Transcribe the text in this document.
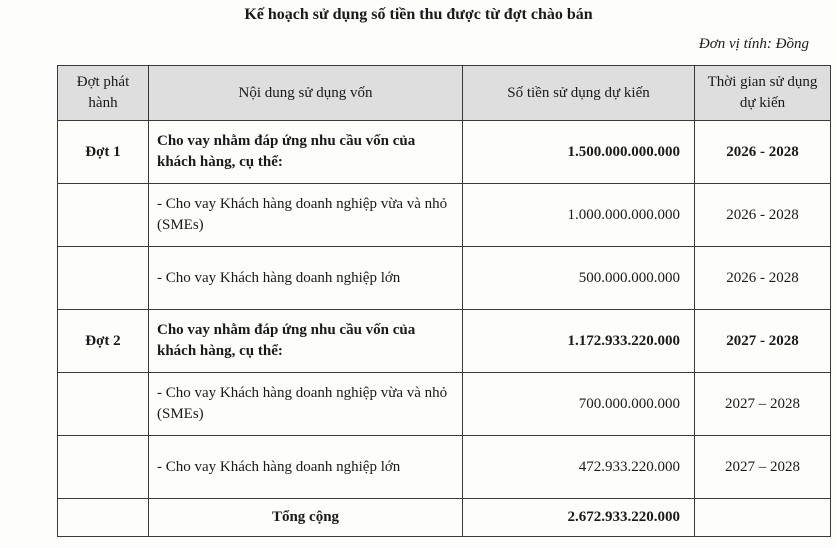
Kế hoạch sử dụng số tiền thu được từ đợt chào bán
Đơn vị tính: Đồng
Đợt phát hành	Nội dung sử dụng vốn	Số tiền sử dụng dự kiến	Thời gian sử dụng dự kiến
Đợt 1	Cho vay nhằm đáp ứng nhu cầu vốn của khách hàng, cụ thể:	1.500.000.000.000	2026 - 2028
	- Cho vay Khách hàng doanh nghiệp vừa và nhỏ (SMEs)	1.000.000.000.000	2026 - 2028
	- Cho vay Khách hàng doanh nghiệp lớn	500.000.000.000	2026 - 2028
Đợt 2	Cho vay nhằm đáp ứng nhu cầu vốn của khách hàng, cụ thể:	1.172.933.220.000	2027 - 2028
	- Cho vay Khách hàng doanh nghiệp vừa và nhỏ (SMEs)	700.000.000.000	2027 – 2028
	- Cho vay Khách hàng doanh nghiệp lớn	472.933.220.000	2027 – 2028
	Tổng cộng	2.672.933.220.000	
